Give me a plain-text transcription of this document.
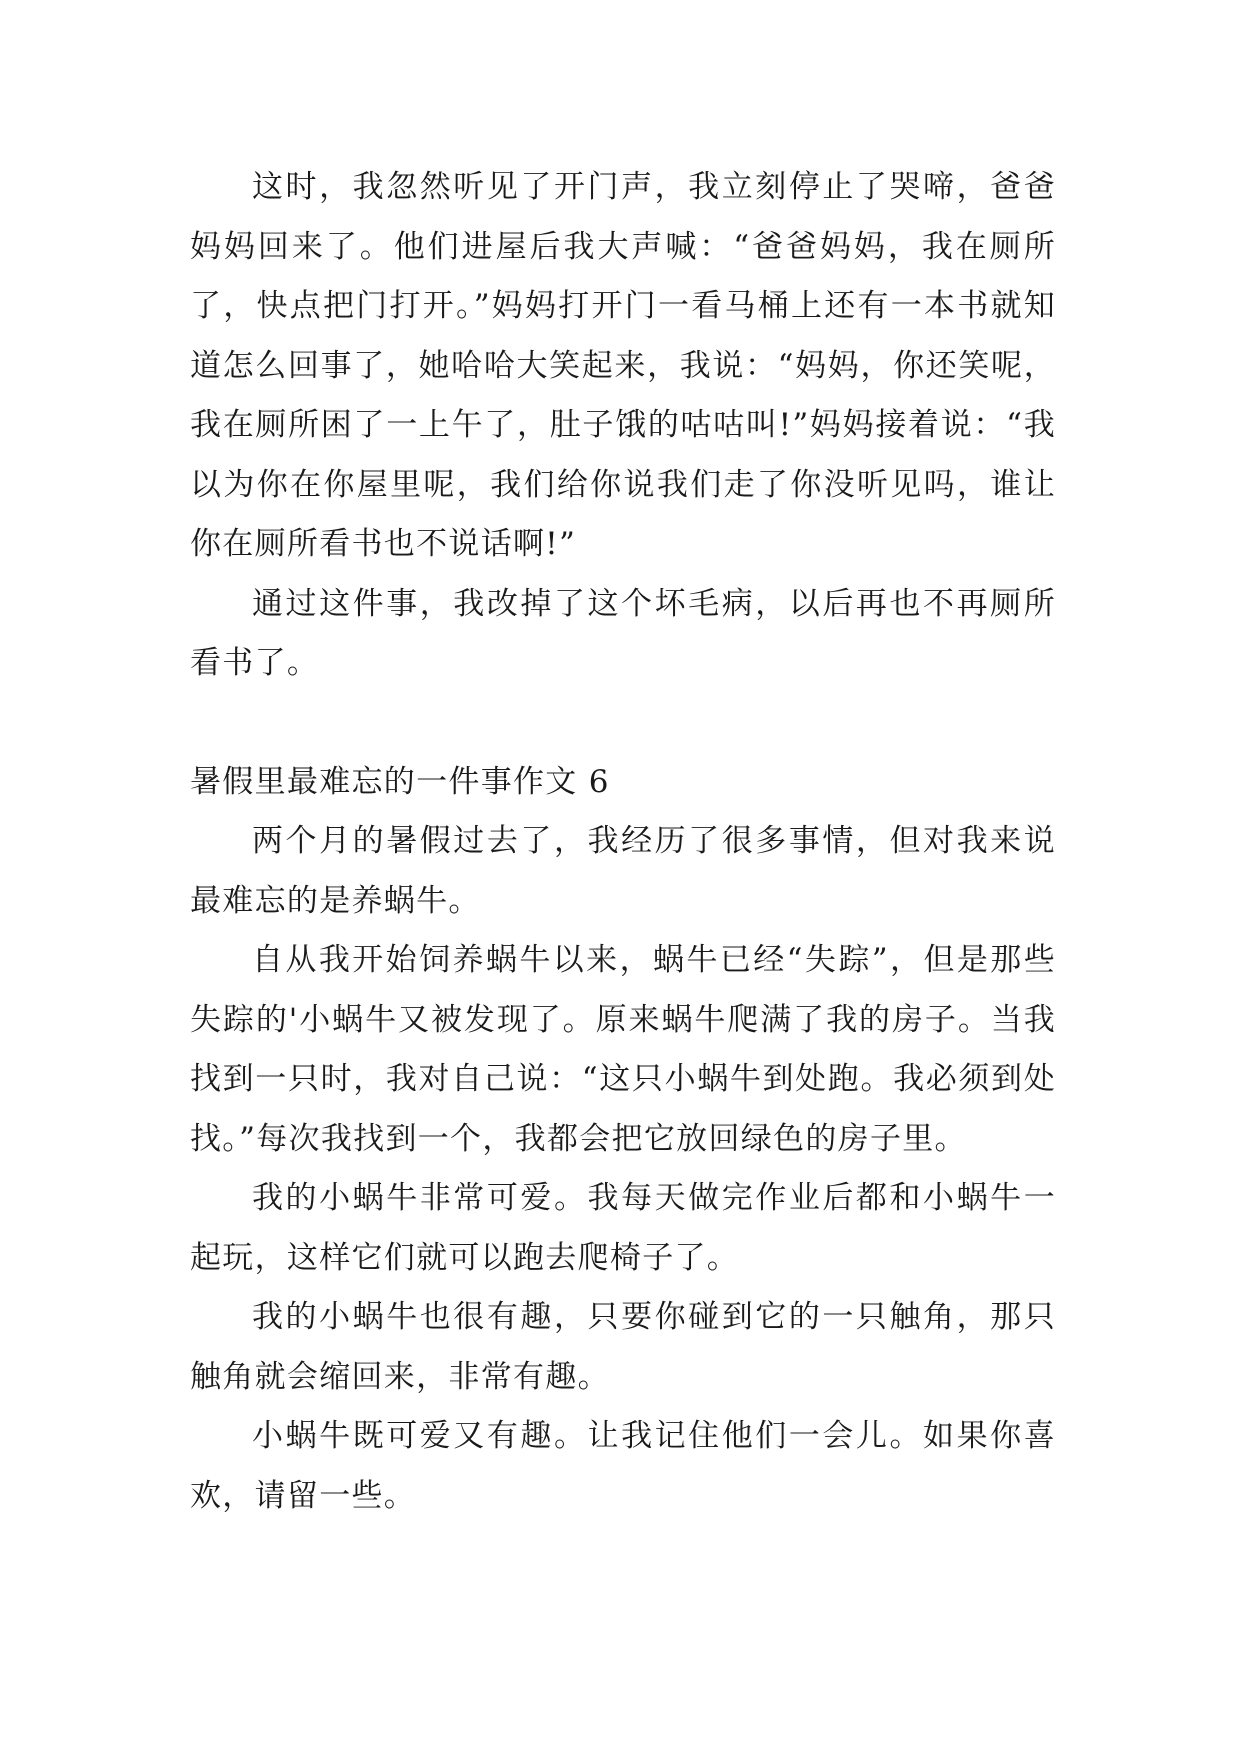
这时，我忽然听见了开门声，我立刻停止了哭啼，爸爸妈妈回来了。他们进屋后我大声喊：“爸爸妈妈，我在厕所了，快点把门打开。”妈妈打开门一看马桶上还有一本书就知道怎么回事了，她哈哈大笑起来，我说：“妈妈，你还笑呢，我在厕所困了一上午了，肚子饿的咕咕叫!”妈妈接着说：“我以为你在你屋里呢，我们给你说我们走了你没听见吗，谁让你在厕所看书也不说话啊!”

通过这件事，我改掉了这个坏毛病，以后再也不再厕所看书了。

暑假里最难忘的一件事作文 6

两个月的暑假过去了，我经历了很多事情，但对我来说最难忘的是养蜗牛。

自从我开始饲养蜗牛以来，蜗牛已经“失踪”，但是那些失踪的'小蜗牛又被发现了。原来蜗牛爬满了我的房子。当我找到一只时，我对自己说：“这只小蜗牛到处跑。我必须到处找。”每次我找到一个，我都会把它放回绿色的房子里。

我的小蜗牛非常可爱。我每天做完作业后都和小蜗牛一起玩，这样它们就可以跑去爬椅子了。

我的小蜗牛也很有趣，只要你碰到它的一只触角，那只触角就会缩回来，非常有趣。

小蜗牛既可爱又有趣。让我记住他们一会儿。如果你喜欢，请留一些。
